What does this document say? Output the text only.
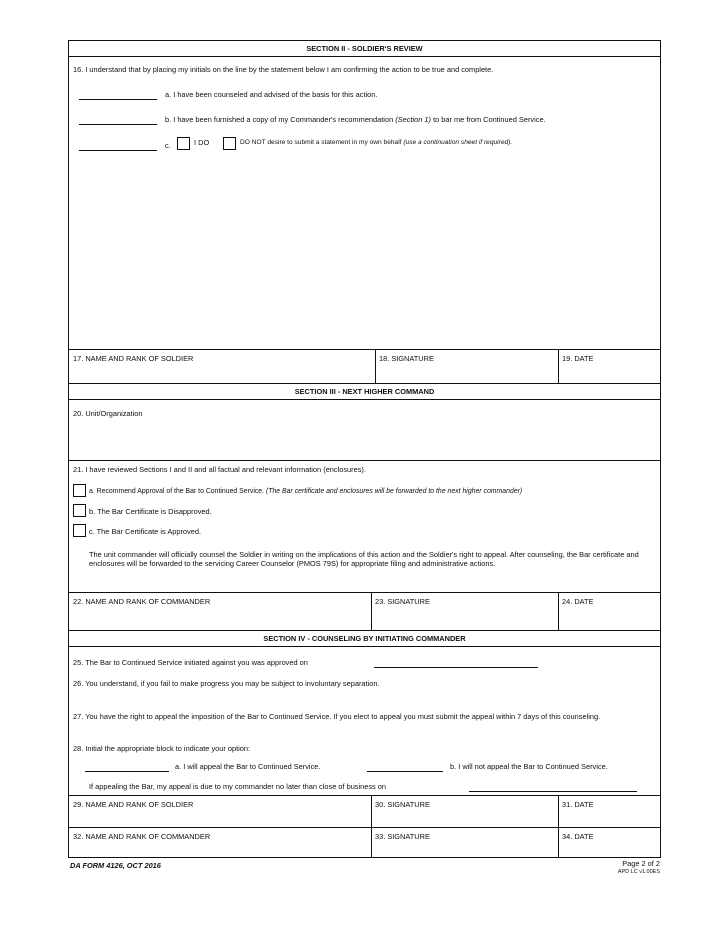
SECTION II - SOLDIER'S REVIEW
16. I understand that by placing my initials on the line by the statement below I am confirming the action to be true and complete.
a. I have been counseled and advised of the basis for this action.
b. I have been furnished a copy of my Commander's recommendation (Section 1) to bar me from Continued Service.
c.	I DO	DO NOT desire to submit a statement in my own behalf (use a continuation sheet if required).
17. NAME AND RANK OF SOLDIER	18. SIGNATURE	19. DATE
SECTION III - NEXT HIGHER COMMAND
20. Unit/Organization
21. I have reviewed Sections I and II and all factual and relevant information (enclosures).
a. Recommend Approval of the Bar to Continued Service. (The Bar certificate and enclosures will be forwarded to the next higher commander)
b. The Bar Certificate is Disapproved.
c. The Bar Certificate is Approved.
The unit commander will officially counsel the Soldier in writing on the implications of this action and the Soldier's right to appeal. After counseling, the Bar certificate and enclosures will be forwarded to the servicing Career Counselor (PMOS 79S) for appropriate filing and administrative actions.
22. NAME AND RANK OF COMMANDER	23. SIGNATURE	24. DATE
SECTION IV - COUNSELING BY INITIATING COMMANDER
25. The Bar to Continued Service initiated against you was approved on
26. You understand, if you fail to make progress you may be subject to involuntary separation.
27. You have the right to appeal the imposition of the Bar to Continued Service. If you elect to appeal you must submit the appeal within 7 days of this counseling.
28. Initial the appropriate block to indicate your option:
a. I will appeal the Bar to Continued Service.	b. I will not appeal the Bar to Continued Service.
If appealing the Bar, my appeal is due to my commander no later than close of business on
29. NAME AND RANK OF SOLDIER	30. SIGNATURE	31. DATE
32. NAME AND RANK OF COMMANDER	33. SIGNATURE	34. DATE
DA FORM 4126, OCT 2016	Page 2 of 2
APD LC v1.00ES
